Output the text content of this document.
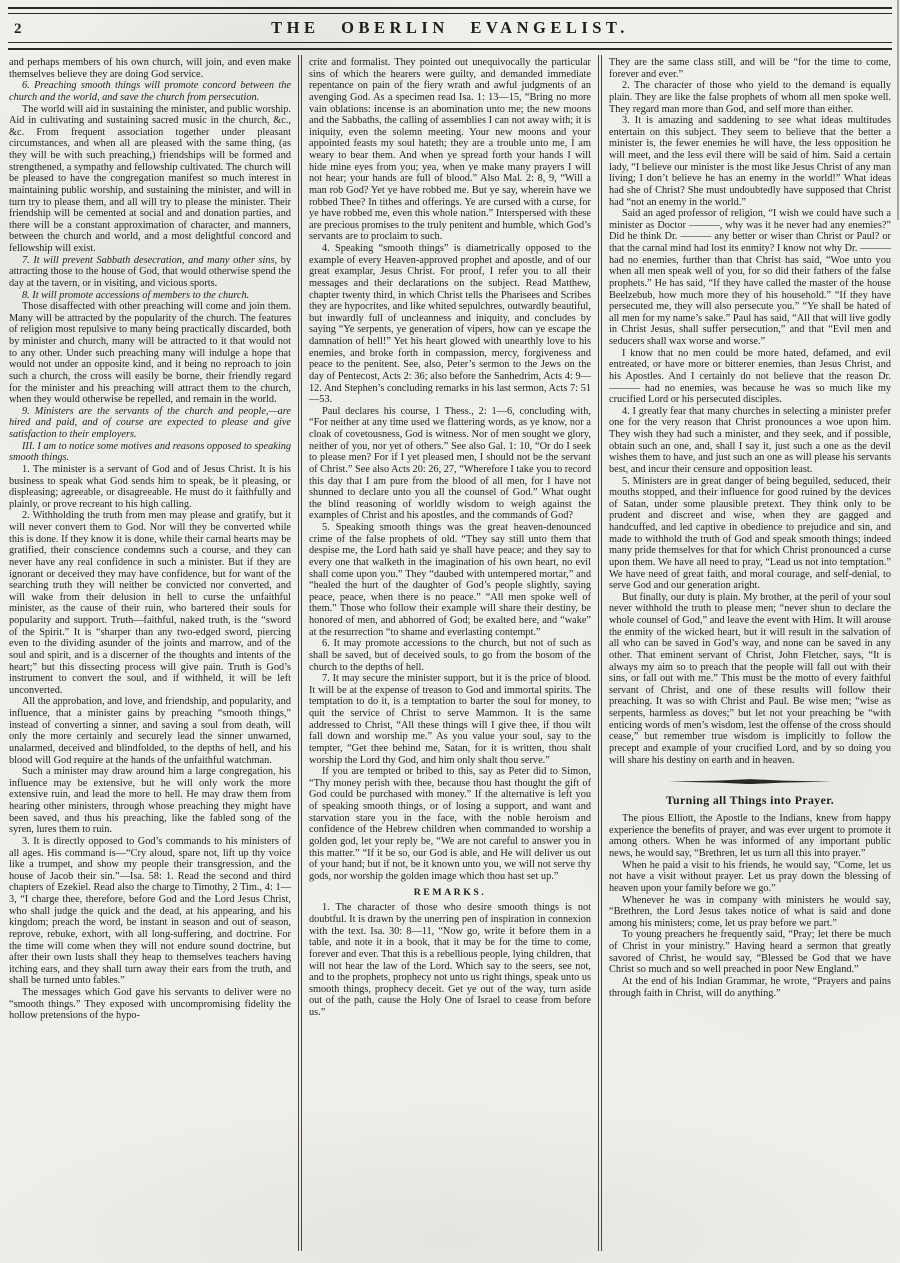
2	THE OBERLIN EVANGELIST.

and perhaps members of his own church, will join, and even make themselves believe they are doing God service.

6. Preaching smooth things will promote concord between the church and the world, and save the church from persecution.

The world will aid in sustaining the minister, and public worship. Aid in cultivating and sustaining sacred music in the church, &c., &c. From frequent association together under pleasant circumstances, and when all are pleased with the same thing, (as they will be with such preaching,) friendships will be formed and strengthened, a sympathy and fellowship cultivated. The church will be pleased to have the congregation manifest so much interest in maintaining public worship, and sustaining the minister, and will in turn try to please them, and all will try to please the minister. Their friendship will be cemented at social and and donation parties, and there will be a constant approximation of character, and manners, between the church and world, and a most delightful concord and fellowship will exist.

7. It will prevent Sabbath desecration, and many other sins, by attracting those to the house of God, that would otherwise spend the day at the tavern, or in visiting, and vicious sports.

8. It will promote accessions of members to the church.

Those disaffected with other preaching will come and join them. Many will be attracted by the popularity of the church. The features of religion most repulsive to many being practically discarded, both by minister and church, many will be attracted to it that would not to any other. Under such preaching many will indulge a hope that would not under an opposite kind, and it being no reproach to join such a church, the cross will easily be borne, their friendly regard for the minister and his preaching will attract them to the church, when they would otherwise be repelled, and remain in the world.

9. Ministers are the servants of the church and people,—are hired and paid, and of course are expected to please and give satisfaction to their employers.

III. I am to notice some motives and reasons opposed to speaking smooth things.

1. The minister is a servant of God and of Jesus Christ. It is his business to speak what God sends him to speak, be it pleasing, or displeasing; agreeable, or disagreeable. He must do it faithfully and plainly, or prove recreant to his high calling.

2. Withholding the truth from men may please and gratify, but it will never convert them to God. Nor will they be converted while this is done. If they know it is done, while their carnal hearts may be gratified, their conscience condemns such a course, and they can never have any real confidence in such a minister. But if they are ignorant or deceived they may have confidence, but for want of the searching truth they will neither be convicted nor converted, and will wake from their delusion in hell to curse the unfaithful minister, as the cause of their ruin, who bartered their souls for popularity and support. Truth—faithful, naked truth, is the “sword of the Spirit.” It is “sharper than any two-edged sword, piercing even to the dividing asunder of the joints and marrow, and of the soul and spirit, and is a discerner of the thoughts and intents of the heart;” but this dissecting process will give pain. Truth is God’s instrument to convert the soul, and if withheld, it will be left unconverted.

All the approbation, and love, and friendship, and popularity, and influence, that a minister gains by preaching “smooth things,” instead of converting a sinner, and saving a soul from death, will only the more certainly and securely lead the sinner unwarned, unalarmed, deceived and blindfolded, to the depths of hell, and his blood will God require at the hands of the unfaithful watchman.

Such a minister may draw around him a large congregation, his influence may be extensive, but he will only work the more extensive ruin, and lead the more to hell. He may draw them from hearing other ministers, through whose preaching they might have been saved, and thus his preaching, like the fabled song of the syren, lures them to ruin.

3. It is directly opposed to God’s commands to his ministers of all ages. His command is—“Cry aloud, spare not, lift up thy voice like a trumpet, and show my people their transgression, and the house of Jacob their sin.”—Isa. 58: 1. Read the second and third chapters of Ezekiel. Read also the charge to Timothy, 2 Tim., 4: 1—3, “I charge thee, therefore, before God and the Lord Jesus Christ, who shall judge the quick and the dead, at his appearing, and his kingdom; preach the word, be instant in season and out of season, reprove, rebuke, exhort, with all long-suffering, and doctrine. For the time will come when they will not endure sound doctrine, but after their own lusts shall they heap to themselves teachers having itching ears, and they shall turn away their ears from the truth, and shall be turned unto fables.”

The messages which God gave his servants to deliver were no “smooth things.” They exposed with uncompromising fidelity the hollow pretensions of the hypo-

crite and formalist. They pointed out unequivocally the particular sins of which the hearers were guilty, and demanded immediate repentance on pain of the fiery wrath and awful judgments of an avenging God. As a specimen read Isa. 1: 13—15, “Bring no more vain oblations: incense is an abomination unto me; the new moons and the Sabbaths, the calling of assemblies I can not away with; it is iniquity, even the solemn meeting. Your new moons and your appointed feasts my soul hateth; they are a trouble unto me, I am weary to bear them. And when ye spread forth your hands I will hide mine eyes from you; yea, when ye make many prayers I will not hear; your hands are full of blood.” Also Mal. 2: 8, 9, “Will a man rob God? Yet ye have robbed me. But ye say, wherein have we robbed Thee? In tithes and offerings. Ye are cursed with a curse, for ye have robbed me, even this whole nation.” Interspersed with these are precious promises to the truly penitent and humble, which God’s servants are to proclaim to such.

4. Speaking “smooth things” is diametrically opposed to the example of every Heaven-approved prophet and apostle, and of our great examplar, Jesus Christ. For proof, I refer you to all their messages and their declarations on the subject. Read Matthew, chapter twenty third, in which Christ tells the Pharisees and Scribes they are hypocrites, and like whited sepulchres, outwardly beautiful, but inwardly full of uncleanness and iniquity, and concludes by saying “Ye serpents, ye generation of vipers, how can ye escape the damnation of hell!” Yet his heart glowed with unearthly love to his enemies, and broke forth in compassion, mercy, forgiveness and peace to the penitent. See, also, Peter’s sermon to the Jews on the day of Pentecost, Acts 2: 36; also before the Sanhedrim, Acts 4: 9—12. And Stephen’s concluding remarks in his last sermon, Acts 7: 51—53.

Paul declares his course, 1 Thess., 2: 1—6, concluding with, “For neither at any time used we flattering words, as ye know, nor a cloak of covetousness, God is witness. Nor of men sought we glory, neither of you, nor yet of others.” See also Gal. 1: 10, “Or do I seek to please men? For if I yet pleased men, I should not be the servant of Christ.” See also Acts 20: 26, 27, “Wherefore I take you to record this day that I am pure from the blood of all men, for I have not shunned to declare unto you all the counsel of God.” What ought the blind reasoning of worldly wisdom to weigh against the examples of Christ and his apostles, and the commands of God?

5. Speaking smooth things was the great heaven-denounced crime of the false prophets of old. “They say still unto them that despise me, the Lord hath said ye shall have peace; and they say to every one that walketh in the imagination of his own heart, no evil shall come upon you.” They “daubed with untempered mortar,” and “healed the hurt of the daughter of God’s people slightly, saying peace, peace, when there is no peace.” “All men spoke well of them.” Those who follow their example will share their destiny, be honored of men, and abhorred of God; be exalted here, and “wake” at the resurrection “to shame and everlasting contempt.”

6. It may promote accessions to the church, but not of such as shall be saved, but of deceived souls, to go from the bosom of the church to the depths of hell.

7. It may secure the minister support, but it is the price of blood. It will be at the expense of treason to God and immortal spirits. The temptation to do it, is a temptation to barter the soul for money, to quit the service of Christ to serve Mammon. It is the same addressed to Christ, “All these things will I give thee, if thou wilt fall down and worship me.” As you value your soul, say to the tempter, “Get thee behind me, Satan, for it is written, thou shalt worship the Lord thy God, and him only shalt thou serve.”

If you are tempted or bribed to this, say as Peter did to Simon, “Thy money perish with thee, because thou hast thought the gift of God could be purchased with money.” If the alternative is left you of speaking smooth things, or of losing a support, and want and starvation stare you in the face, with the noble heroism and confidence of the Hebrew children when commanded to worship a golden god, let your reply be, “We are not careful to answer you in this matter.” “If it be so, our God is able, and He will deliver us out of your hand; but if not, be it known unto you, we will not serve thy gods, nor worship the golden image which thou hast set up.”

REMARKS.

1. The character of those who desire smooth things is not doubtful. It is drawn by the unerring pen of inspiration in connexion with the text. Isa. 30: 8—11, “Now go, write it before them in a table, and note it in a book, that it may be for the time to come, forever and ever. That this is a rebellious people, lying children, that will not hear the law of the Lord. Which say to the seers, see not, and to the prophets, prophecy not unto us right things, speak unto us smooth things, prophecy deceit. Get ye out of the way, turn aside out of the path, cause the Holy One of Israel to cease from before us.”

They are the same class still, and will be “for the time to come, forever and ever.”

2. The character of those who yield to the demand is equally plain. They are like the false prophets of whom all men spoke well. They regard man more than God, and self more than either.

3. It is amazing and saddening to see what ideas multitudes entertain on this subject. They seem to believe that the better a minister is, the fewer enemies he will have, the less opposition he will meet, and the less evil there will be said of him. Said a certain lady, “I believe our minister is the most like Jesus Christ of any man living; I don’t believe he has an enemy in the world!” What ideas had she of Christ? She must undoubtedly have supposed that Christ had “not an enemy in the world.”

Said an aged professor of religion, “I wish we could have such a minister as Doctor ———, why was it he never had any enemies?” Did he think Dr. ——— any better or wiser than Christ or Paul? or that the carnal mind had lost its enmity? I know not why Dr. ——— had no enemies, further than that Christ has said, “Woe unto you when all men speak well of you, for so did their fathers of the false prophets.” He has said, “If they have called the master of the house Beelzebub, how much more they of his household.” “If they have persecuted me, they will also persecute you.” “Ye shall be hated of all men for my name’s sake.” Paul has said, “All that will live godly in Christ Jesus, shall suffer persecution,” and that “Evil men and seducers shall wax worse and worse.”

I know that no men could be more hated, defamed, and evil entreated, or have more or bitterer enemies, than Jesus Christ, and his Apostles. And I certainly do not believe that the reason Dr. ——— had no enemies, was because he was so much like my crucified Lord or his persecuted disciples.

4. I greatly fear that many churches in selecting a minister prefer one for the very reason that Christ pronounces a woe upon him. They wish they had such a minister, and they seek, and if possible, obtain such an one, and, shall I say it, just such a one as the devil wishes them to have, and just such an one as will please his servants best, and incur their censure and opposition least.

5. Ministers are in great danger of being beguiled, seduced, their mouths stopped, and their influence for good ruined by the devices of Satan, under some plausible pretext. They think only to be prudent and discreet and wise, when they are gagged and handcuffed, and led captive in obedience to prejudice and sin, and made to withhold the truth of God and speak smooth things; indeed many pride themselves for that for which Christ pronounced a curse upon them. We have all need to pray, “Lead us not into temptation.” We have need of great faith, and moral courage, and self-denial, to serve God and our generation aright.

But finally, our duty is plain. My brother, at the peril of your soul never withhold the truth to please men; “never shun to declare the whole counsel of God,” and leave the event with Him. It will arouse the enmity of the wicked heart, but it will result in the salvation of all who can be saved in God’s way, and none can be saved in any other. That eminent servant of Christ, John Fletcher, says, “It is always my aim so to preach that the people will fall out with their sins, or fall out with me.” This must be the motto of every faithful servant of Christ, and one of these results will follow their preaching. It was so with Christ and Paul. Be wise men; “wise as serpents, harmless as doves;” but let not your preaching be “with enticing words of men’s wisdom, lest the offense of the cross should cease,” but remember true wisdom is implicitly to follow the precept and example of your crucified Lord, and by so doing you will share his destiny on earth and in heaven.

Turning all Things into Prayer.

The pious Elliott, the Apostle to the Indians, knew from happy experience the benefits of prayer, and was ever urgent to promote it among others. When he was informed of any important public news, he would say, “Brethren, let us turn all this into prayer.”

When he paid a visit to his friends, he would say, “Come, let us not have a visit without prayer. Let us pray down the blessing of heaven upon your family before we go.”

Whenever he was in company with ministers he would say, “Brethren, the Lord Jesus takes notice of what is said and done among his ministers; come, let us pray before we part.”

To young preachers he frequently said, “Pray; let there be much of Christ in your ministry.” Having heard a sermon that greatly savored of Christ, he would say, “Blessed be God that we have Christ so much and so well preached in poor New England.”

At the end of his Indian Grammar, he wrote, “Prayers and pains through faith in Christ, will do anything.”
